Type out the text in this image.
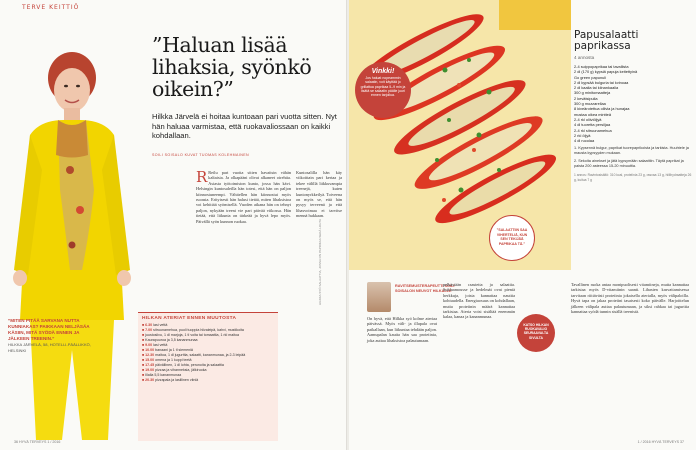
TERVE KEITTIÖ
”MITEN PITÄÄ SARVANA NUTTA KUNNIAKAS? PAIKKAAN NELJÄSÄA KÄSIIN, MITÄ SYÖDÄ ENNEN JA JÄLKEEN TREENIN.”
HILKKA JÄRVELÄ, 58, HOTELLI-PÄÄLLIKKÖ, HELSINKI
”Haluan lisää lihaksia, syönkö oikein?”
Hilkka Järvelä ei hoitaa kuntoaan pari vuotta sitten. Nyt hän haluaa varmistaa, että ruokavaliossaan on kaikki kohdallaan.
SOILI SOISALO KUVAT TUOMAS KOLEHMAINEN
R Reilu pari vuotta sitten havaitsin vähän kaltaisia. Ja olkapääni olivat alkaneet oirehtia. Asiasta työtoimiston kunto, jossa hän kävi. Helsingin kuntosaleilla hän totesi, että hän on paljon kiinnostuneempi. Vähitellen hän kiinnostui myös ruoasta. Erityisesti hän halusi tietää, miten lihaksistoa voi kehittää syömisellä. Vuoden aikana hän on tehnyt paljon, nykyään treeni vie pari päivää viikossa. Hän tietää, että liikunta on tärkeää ja hyvä lepo myös. Päivällä syön kunnon ruokaa.
Kuntosalilla hän käy viikoittain pari kertaa ja tekee välillä liikkuvampia treenejä, kuten kuntonyrkkeilyä. Toiveena on myös se, että hän pysyy terveenä ja että lihasvoimaa ei tarvitse mennä hukkaan.
HILKKA SYÖ SALAATTIA, JOSSA ON PAPRIKAA SEKÄ LOHTA
HILKAN ATERIAT ENNEN MUUTOSTA
■ 6.30 lasi vettä
■ 7.00 sitruunamehua, puoli tuoppia hiivaleipä, kahvi, mustikoita
■ juustosiivu, 1 dl marjoja, 1 tl voita tai tomaattia, 1 rkl maitoa
■ Kaurapuuroa ja 3,5 kananmunaa
■ 9.00 lasi vettä
■ 10.00 banaani ja 1 tl siemeniä
■ 12.30 maitoa, 1 dl jugurttia, salaatti, kananmunaa, ja 2-3 leipää
■ 15.00 omena ja 1 kuppi teetä
■ 17.45 päivällinen, 1 dl lohta, perunoita ja salaattia
■ 19.00 pizzaa ja vihanneksia, jälkiruoka
■ Illalla 5,5 kananmunaa
■ 20.30 pizzapala ja lasillinen viiniä
36 HYVÄ TERVEYS 1 / 2016
Vinkki!
Jos haluat nopeammin salaatin, voit käyttää jo grillattua paprikaa 5–9 min ja lisätä se salaatin päälle juuri ennen tarjoilua.
”SALAATTIIN SAA VIHERTELIÄ, KUN SEN TEKIJÄÄ PAPRIKAA TÄ.”
Papusalaatti paprikassa
4 annosta
2-4 suippopaprikaa tai tavallista
2 dl (170 g) kypsiä papuja keitettyinä
Go green papunuli
2 dl kypsää bulguria tai kvinoaa
2 dl kaalia tai kiinankaalia
300 g minitomaatteja
2 kevätsipulia
300 g mozzarellaa
8 kiveärotettua oliivia ja hunajaa
mustaa oikea mintteä
2-4 rkl oliiviöljyä
4 dl tuoretta persiljaa
2-4 rkl sitruunamehua
2 rkl öljyä
4 dl rucolaa
1. Kypsennä bulgur, paprikat tuorepaprikoista ja tarkista. Huuhtele ja mausta kypsyyden mukaan.
2. Sekoita ainekset ja jätä kypsymään salaattiin. Täytä paprikat ja paista 200 asteessa 15-20 minuuttia.
1 annos: Ravintosisältö: 310 kcal, proteiinia 23 g, rasvaa 13 g, hiilihydraatteja 26 g, kuitua 7 g
RAVITSEMUSTERAPEUTTI SOILI SOISALON NEUVOT HILKALLE
On hyvä, että Hilkka syö kolme ateriaa päivässä. Myös väli- ja illapala ovat paikallaan, kun liikuntaa tehdään paljon. Aamupalan kautta hän saa proteiinia, joka auttaa lihaksistoa palautumaan.
pelkästään raastetta ja salaattia. Suklaamousse ja hedelmät ovat pieniä herkkuja, joista kannattaa nauttia kohtuudella. Energiaosuus on kohdallaan, mutta proteiinin määrä kannattaa tarkistaa. Ateria voisi sisältää enemmän kalaa, kanaa ja kananmunaa.
KATSO HILKAN RUOKAVALIO SEURAAVALTA SIVULTA
Tavallinen ruoka antaa monipuolisesti vitamiineja, mutta kannattaa tarkistaa myös D-vitamiinin saanti. Lihasten kasvattamisessa tarvitaan riittävästi proteiinia jokaisella aterialla, myös välipaloilla. Hyvä tapa on jakaa proteiini tasaisesti koko päivälle. Harjoittelun jälkeen välipala auttaa palautumaan, ja siksi rahkaa tai jugurttia kannattaa syödä tunnin sisällä treenistä.
1 / 2016 HYVÄ TERVEYS 37
